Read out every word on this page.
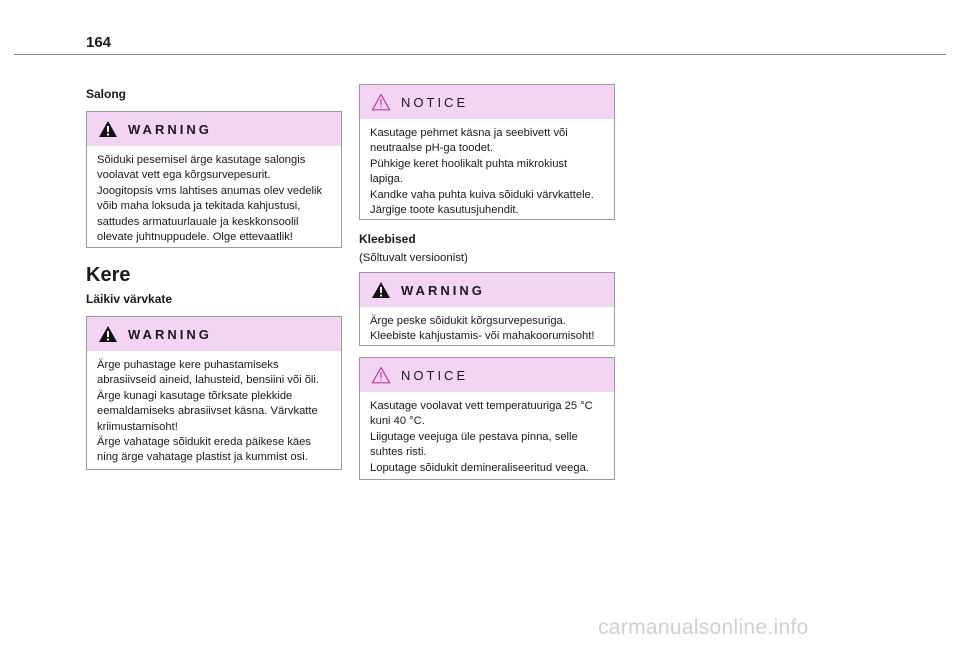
164
Salong
WARNING
Sõiduki pesemisel ärge kasutage salongis
voolavat vett ega kõrgsurvepesurit.
Joogitopsis vms lahtises anumas olev vedelik
võib maha loksuda ja tekitada kahjustusi,
sattudes armatuurlauale ja keskkonsoolil
olevate juhtnuppudele. Olge ettevaatlik!
Kere
Läikiv värvkate
WARNING
Ärge puhastage kere puhastamiseks
abrasiivseid aineid, lahusteid, bensiini või õli.
Ärge kunagi kasutage tõrksate plekkide
eemaldamiseks abrasiivset käsna. Värvkatte
kriimustamisoht!
Ärge vahatage sõidukit ereda päikese käes
ning ärge vahatage plastist ja kummist osi.
NOTICE
Kasutage pehmet käsna ja seebivett või
neutraalse pH-ga toodet.
Pühkige keret hoolikalt puhta mikrokiust
lapiga.
Kandke vaha puhta kuiva sõiduki värvkattele.
Järgige toote kasutusjuhendit.
Kleebised
(Sõltuvalt versioonist)
WARNING
Ärge peske sõidukit kõrgsurvepesuriga.
Kleebiste kahjustamis- või mahakoorumisoht!
NOTICE
Kasutage voolavat vett temperatuuriga 25 °C
kuni 40 °C.
Liigutage veejuga üle pestava pinna, selle
suhtes risti.
Loputage sõidukit demineraliseeritud veega.
carmanualsonline.info
